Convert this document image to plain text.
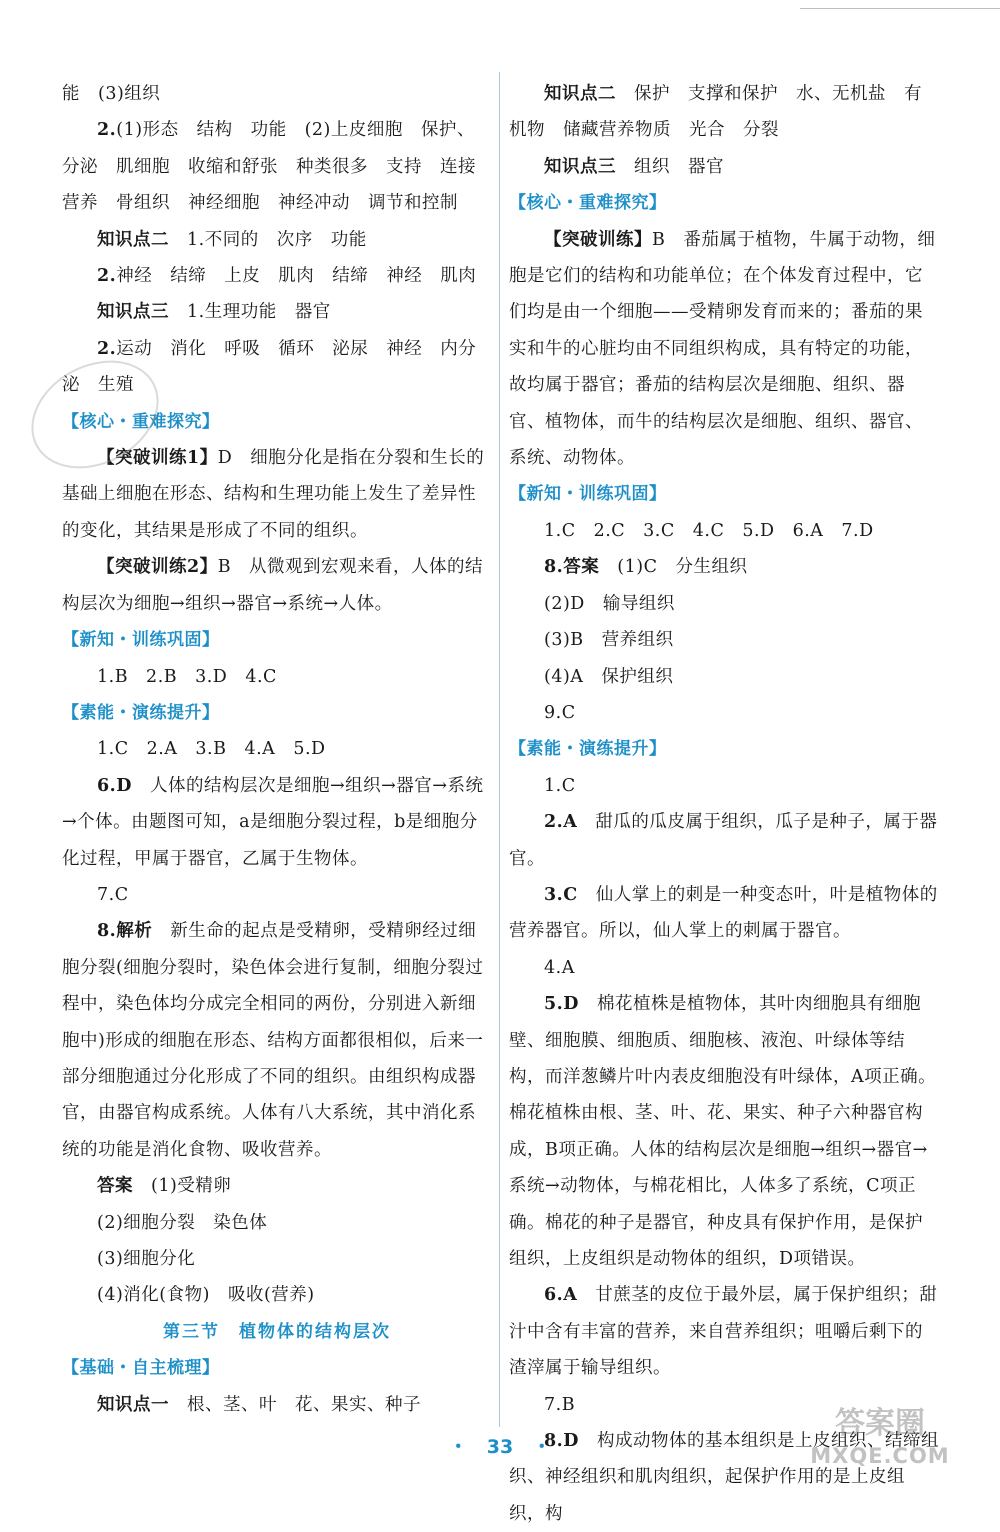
能　(3)组织

2.(1)形态　结构　功能　(2)上皮细胞　保护、分泌　肌细胞　收缩和舒张　种类很多　支持　连接　营养　骨组织　神经细胞　神经冲动　调节和控制

知识点二　1.不同的　次序　功能

2.神经　结缔　上皮　肌肉　结缔　神经　肌肉

知识点三　1.生理功能　器官

2.运动　消化　呼吸　循环　泌尿　神经　内分泌　生殖

【核心・重难探究】

【突破训练1】D　细胞分化是指在分裂和生长的基础上细胞在形态、结构和生理功能上发生了差异性的变化，其结果是形成了不同的组织。

【突破训练2】B　从微观到宏观来看，人体的结构层次为细胞→组织→器官→系统→人体。

【新知・训练巩固】

1.B　2.B　3.D　4.C

【素能・演练提升】

1.C　2.A　3.B　4.A　5.D

6.D　人体的结构层次是细胞→组织→器官→系统→个体。由题图可知，a是细胞分裂过程，b是细胞分化过程，甲属于器官，乙属于生物体。

7.C

8.解析　新生命的起点是受精卵，受精卵经过细胞分裂(细胞分裂时，染色体会进行复制，细胞分裂过程中，染色体均分成完全相同的两份，分别进入新细胞中)形成的细胞在形态、结构方面都很相似，后来一部分细胞通过分化形成了不同的组织。由组织构成器官，由器官构成系统。人体有八大系统，其中消化系统的功能是消化食物、吸收营养。

答案　(1)受精卵

(2)细胞分裂　染色体

(3)细胞分化

(4)消化(食物)　吸收(营养)

第三节　植物体的结构层次

【基础・自主梳理】

知识点一　根、茎、叶　花、果实、种子

知识点二　保护　支撑和保护　水、无机盐　有机物　储藏营养物质　光合　分裂

知识点三　组织　器官

【核心・重难探究】

【突破训练】B　番茄属于植物，牛属于动物，细胞是它们的结构和功能单位；在个体发育过程中，它们均是由一个细胞——受精卵发育而来的；番茄的果实和牛的心脏均由不同组织构成，具有特定的功能，故均属于器官；番茄的结构层次是细胞、组织、器官、植物体，而牛的结构层次是细胞、组织、器官、系统、动物体。

【新知・训练巩固】

1.C　2.C　3.C　4.C　5.D　6.A　7.D

8.答案　(1)C　分生组织

(2)D　输导组织

(3)B　营养组织

(4)A　保护组织

9.C

【素能・演练提升】

1.C

2.A　甜瓜的瓜皮属于组织，瓜子是种子，属于器官。

3.C　仙人掌上的刺是一种变态叶，叶是植物体的营养器官。所以，仙人掌上的刺属于器官。

4.A

5.D　棉花植株是植物体，其叶肉细胞具有细胞壁、细胞膜、细胞质、细胞核、液泡、叶绿体等结构，而洋葱鳞片叶内表皮细胞没有叶绿体，A项正确。棉花植株由根、茎、叶、花、果实、种子六种器官构成，B项正确。人体的结构层次是细胞→组织→器官→系统→动物体，与棉花相比，人体多了系统，C项正确。棉花的种子是器官，种皮具有保护作用，是保护组织，上皮组织是动物体的组织，D项错误。

6.A　甘蔗茎的皮位于最外层，属于保护组织；甜汁中含有丰富的营养，来自营养组织；咀嚼后剩下的渣滓属于输导组织。

7.B

8.D　构成动物体的基本组织是上皮组织、结缔组织、神经组织和肌肉组织，起保护作用的是上皮组织，构

・　33　・
答案圈
MXQE.COM
